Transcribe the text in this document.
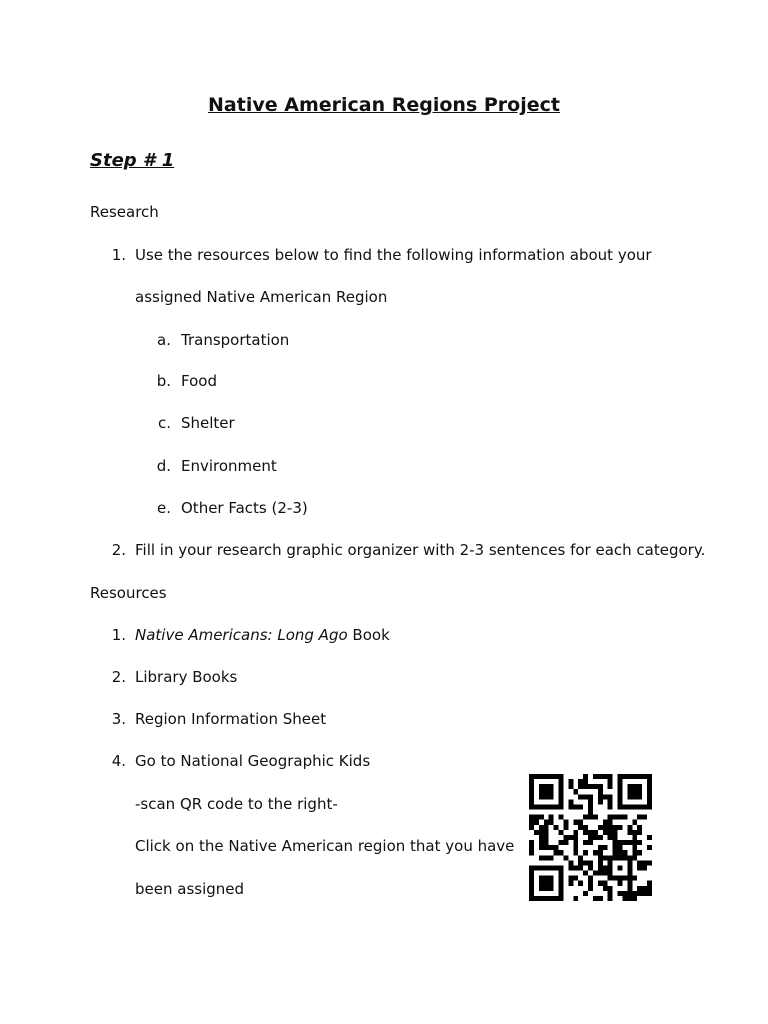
Native American Regions Project
Step # 1
Research
1. Use the resources below to find the following information about your
assigned Native American Region
a. Transportation
b. Food
c. Shelter
d. Environment
e. Other Facts (2-3)
2. Fill in your research graphic organizer with 2-3 sentences for each category.
Resources
1. Native Americans: Long Ago Book
2. Library Books
3. Region Information Sheet
4. Go to National Geographic Kids
-scan QR code to the right-
Click on the Native American region that you have
been assigned
